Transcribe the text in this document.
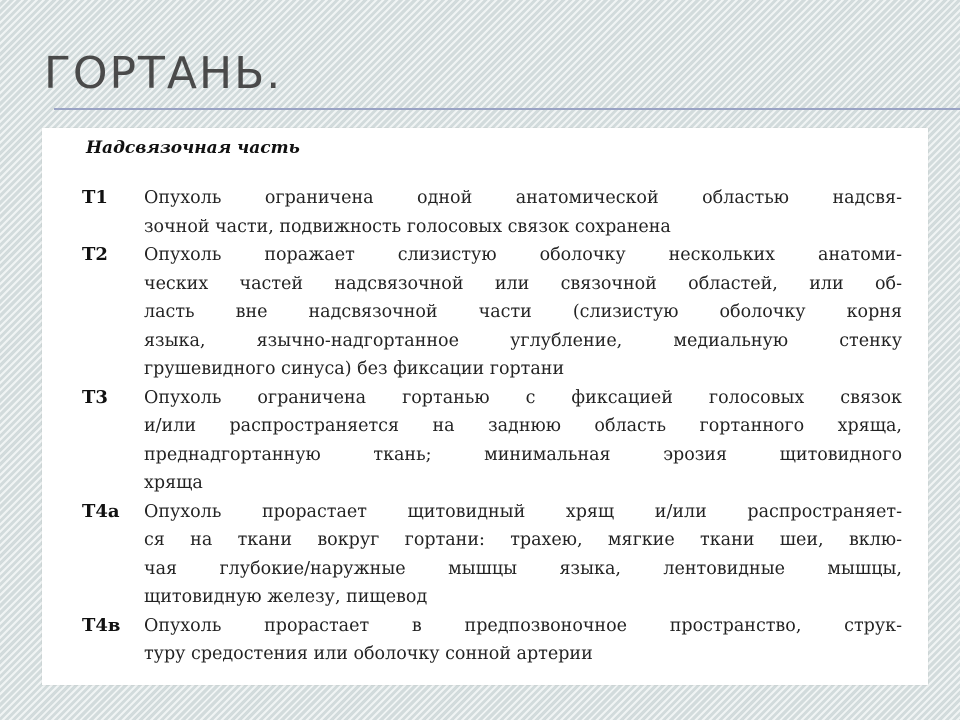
ГОРТАНЬ.
Надсвязочная часть
T1	Опухоль ограничена одной анатомической областью надсвя-
зочной части, подвижность голосовых связок сохранена
T2	Опухоль поражает слизистую оболочку нескольких анатоми-
ческих частей надсвязочной или связочной областей, или об-
ласть вне надсвязочной части (слизистую оболочку корня
языка, язычно-надгортанное углубление, медиальную стенку
грушевидного синуса) без фиксации гортани
T3	Опухоль ограничена гортанью с фиксацией голосовых связок
и/или распространяется на заднюю область гортанного хряща,
преднадгортанную ткань; минимальная эрозия щитовидного
хряща
T4a	Опухоль прорастает щитовидный хрящ и/или распространяет-
ся на ткани вокруг гортани: трахею, мягкие ткани шеи, вклю-
чая глубокие/наружные мышцы языка, лентовидные мышцы,
щитовидную железу, пищевод
T4в	Опухоль прорастает в предпозвоночное пространство, струк-
туру средостения или оболочку сонной артерии
